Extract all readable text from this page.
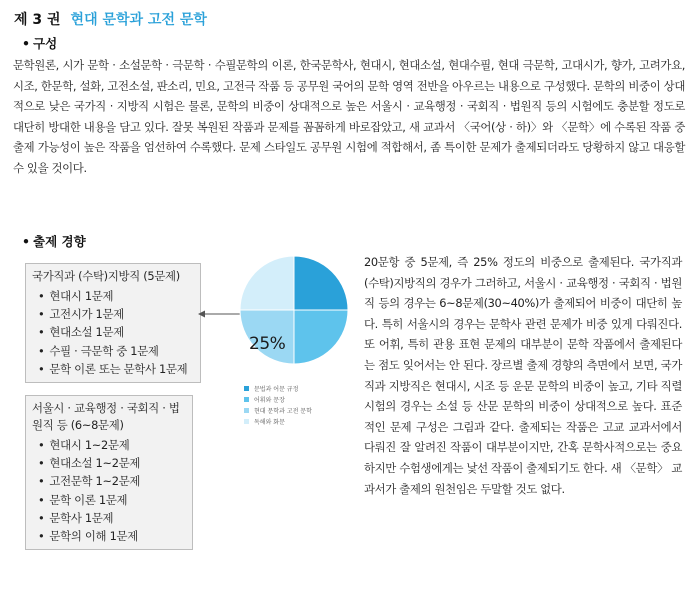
제 3 권 현대 문학과 고전 문학
• 구성
문학원론, 시가 문학 · 소설문학 · 극문학 · 수필문학의 이론, 한국문학사, 현대시, 현대소설, 현대수필, 현대 극문학, 고대시가, 향가, 고려가요, 시조, 한문학, 설화, 고전소설, 판소리, 민요, 고전극 작품 등 공무원 국어의 문학 영역 전반을 아우르는 내용으로 구성했다. 문학의 비중이 상대적으로 낮은 국가직 · 지방직 시험은 물론, 문학의 비중이 상대적으로 높은 서울시 · 교육행정 · 국회직 · 법원직 등의 시험에도 충분할 정도로 대단히 방대한 내용을 담고 있다. 잘못 복원된 작품과 문제를 꼼꼼하게 바로잡았고, 새 교과서 〈국어(상 · 하)〉와 〈문학〉에 수록된 작품 중 출제 가능성이 높은 작품을 엄선하여 수록했다. 문제 스타일도 공무원 시험에 적합해서, 좀 특이한 문제가 출제되더라도 당황하지 않고 대응할 수 있을 것이다.
• 출제 경향
국가직과 (수탁)지방직 (5문제)
• 현대시 1문제
• 고전시가 1문제
• 현대소설 1문제
• 수필 · 극문학 중 1문제
• 문학 이론 또는 문학사 1문제
서울시 · 교육행정 · 국회직 · 법원직 등 (6~8문제)
• 현대시 1~2문제
• 현대소설 1~2문제
• 고전문학 1~2문제
• 문학 이론 1문제
• 문학사 1문제
• 문학의 이해 1문제
25%
문법과 어문 규정
어휘와 문장
현대 문학과 고전 문학
독해와 화문
20문항 중 5문제, 즉 25% 정도의 비중으로 출제된다. 국가직과 (수탁)지방직의 경우가 그러하고, 서울시 · 교육행정 · 국회직 · 법원직 등의 경우는 6~8문제(30~40%)가 출제되어 비중이 대단히 높다. 특히 서울시의 경우는 문학사 관련 문제가 비중 있게 다뤄진다. 또 어휘, 특히 관용 표현 문제의 대부분이 문학 작품에서 출제된다는 점도 잊어서는 안 된다. 장르별 출제 경향의 측면에서 보면, 국가직과 지방직은 현대시, 시조 등 운문 문학의 비중이 높고, 기타 직렬 시험의 경우는 소설 등 산문 문학의 비중이 상대적으로 높다. 표준적인 문제 구성은 그림과 같다. 출제되는 작품은 고교 교과서에서 다뤄진 잘 알려진 작품이 대부분이지만, 간혹 문학사적으로는 중요하지만 수험생에게는 낯선 작품이 출제되기도 한다. 새 〈문학〉 교과서가 출제의 원천임은 두말할 것도 없다.
